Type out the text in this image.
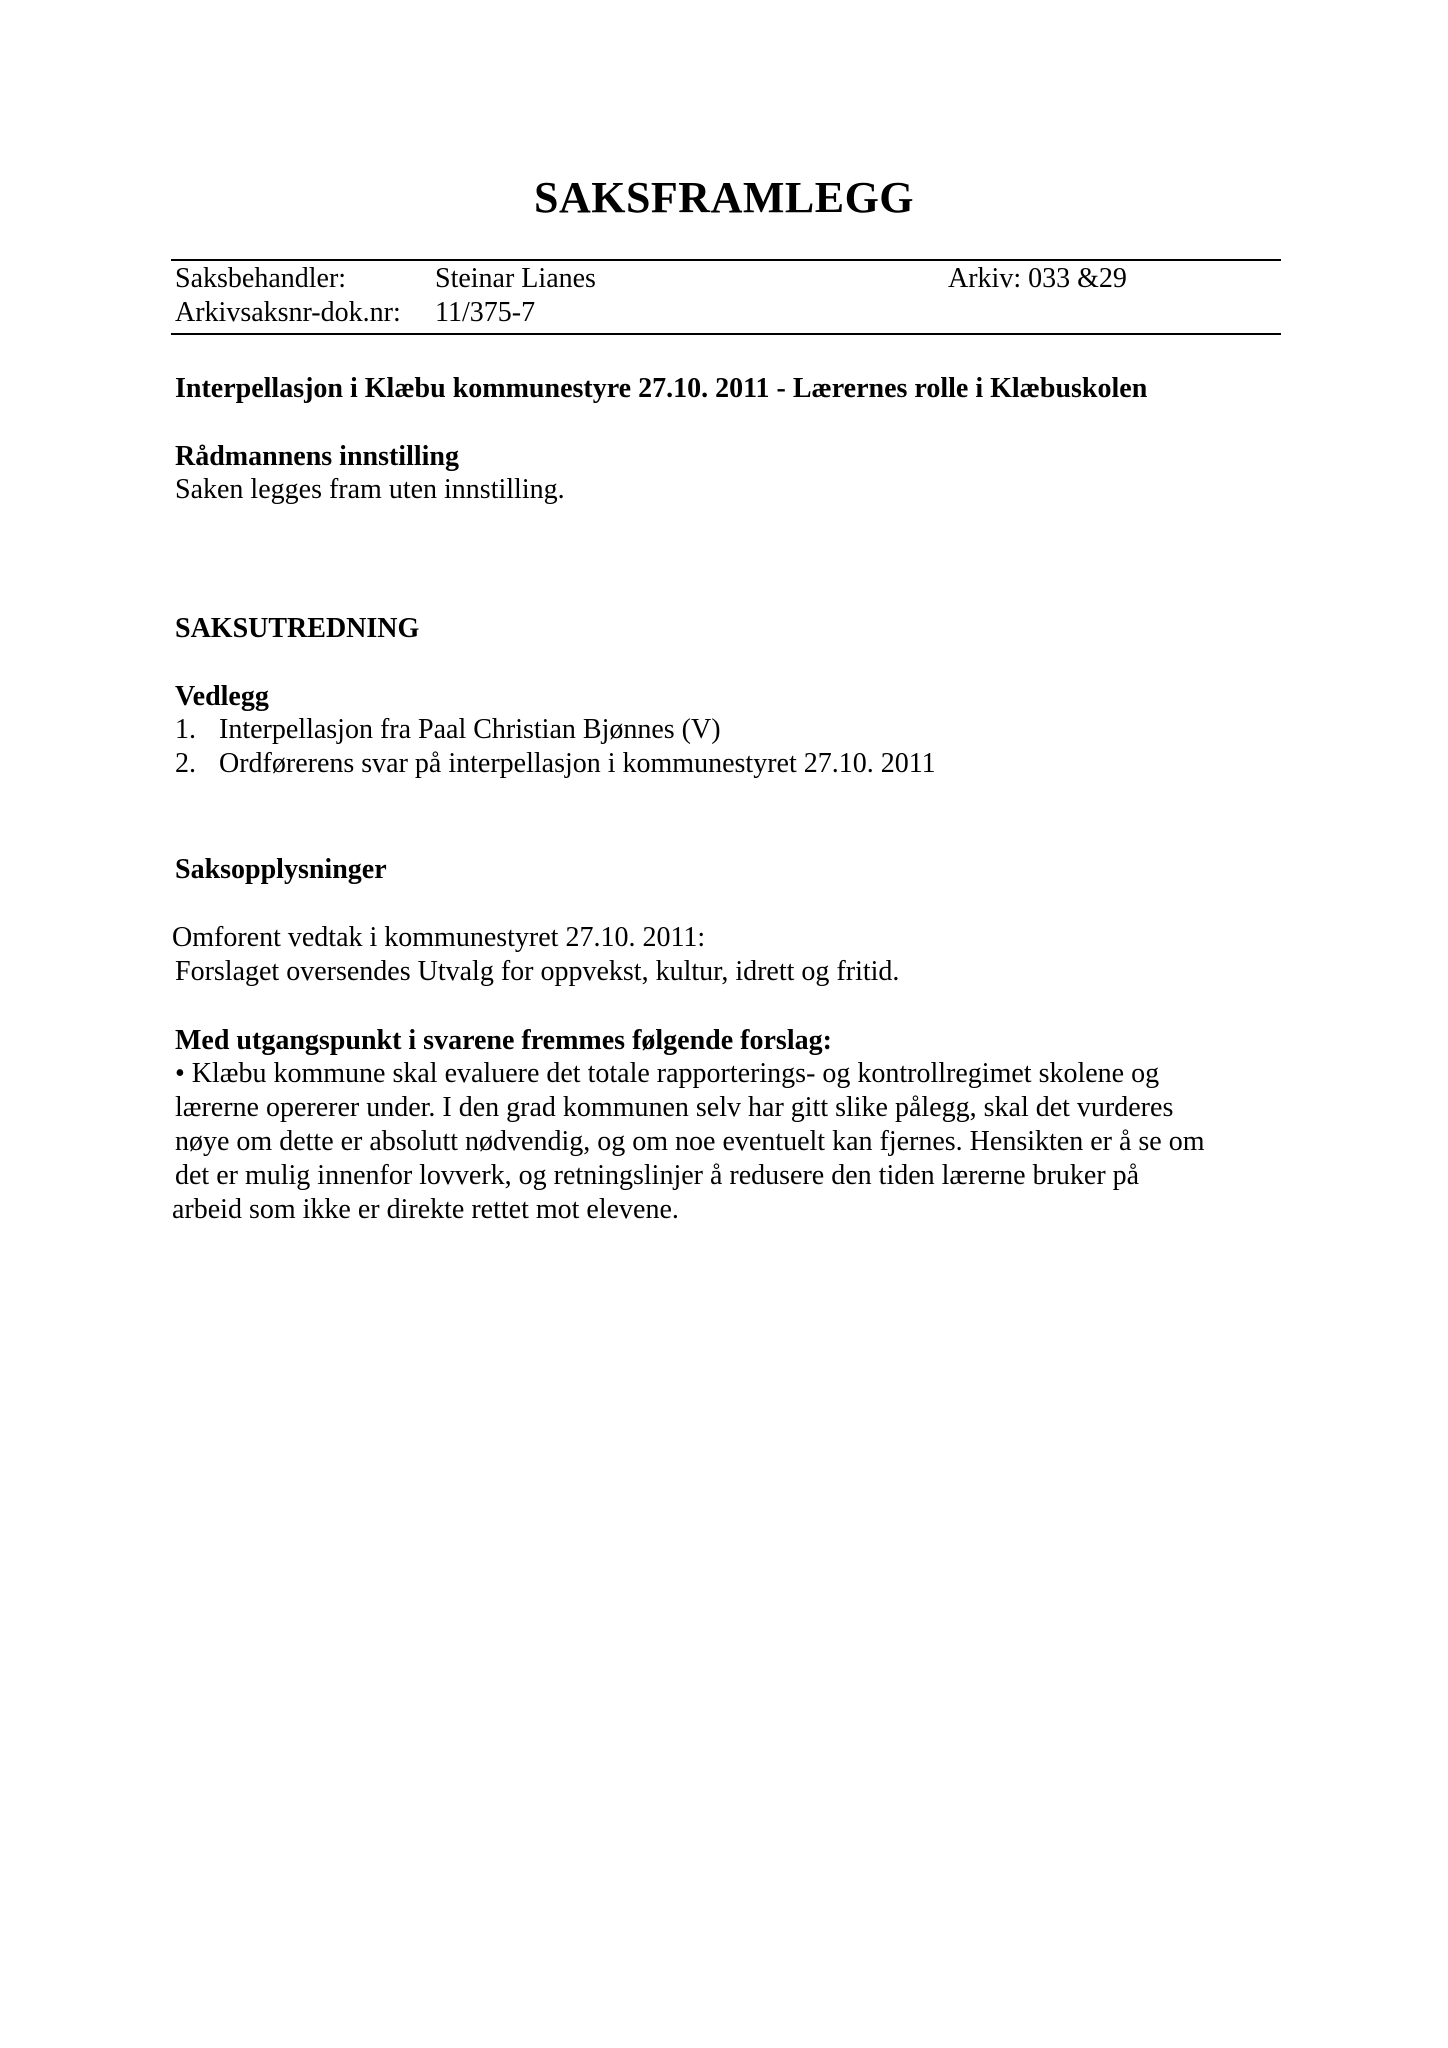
SAKSFRAMLEGG
Saksbehandler:	Steinar Lianes	Arkiv: 033 &29
Arkivsaksnr-dok.nr: 11/375-7
Interpellasjon i Klæbu kommunestyre 27.10. 2011 - Lærernes rolle i Klæbuskolen
Rådmannens innstilling
Saken legges fram uten innstilling.
SAKSUTREDNING
Vedlegg
1. Interpellasjon fra Paal Christian Bjønnes (V)
2. Ordførerens svar på interpellasjon i kommunestyret 27.10. 2011
Saksopplysninger
Omforent vedtak i kommunestyret 27.10. 2011:
Forslaget oversendes Utvalg for oppvekst, kultur, idrett og fritid.
Med utgangspunkt i svarene fremmes følgende forslag:
• Klæbu kommune skal evaluere det totale rapporterings- og kontrollregimet skolene og
lærerne opererer under. I den grad kommunen selv har gitt slike pålegg, skal det vurderes
nøye om dette er absolutt nødvendig, og om noe eventuelt kan fjernes. Hensikten er å se om
det er mulig innenfor lovverk, og retningslinjer å redusere den tiden lærerne bruker på
arbeid som ikke er direkte rettet mot elevene.
